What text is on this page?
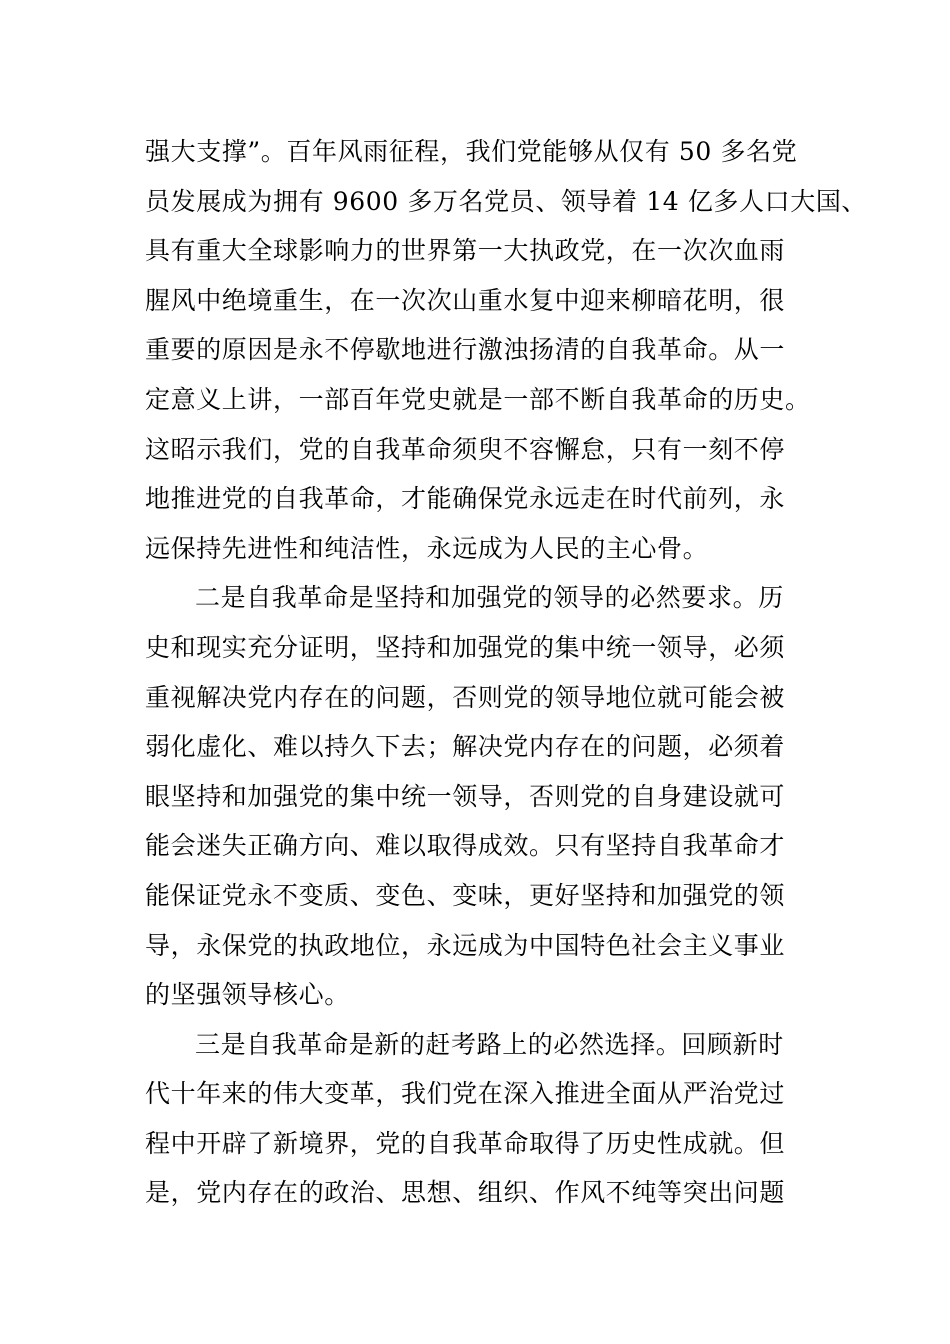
强大支撑”。百年风雨征程，我们党能够从仅有 50 多名党
员发展成为拥有 9600 多万名党员、领导着 14 亿多人口大国、
具有重大全球影响力的世界第一大执政党，在一次次血雨
腥风中绝境重生，在一次次山重水复中迎来柳暗花明，很
重要的原因是永不停歇地进行激浊扬清的自我革命。从一
定意义上讲，一部百年党史就是一部不断自我革命的历史。
这昭示我们，党的自我革命须臾不容懈怠，只有一刻不停
地推进党的自我革命，才能确保党永远走在时代前列，永
远保持先进性和纯洁性，永远成为人民的主心骨。
二是自我革命是坚持和加强党的领导的必然要求。历
史和现实充分证明，坚持和加强党的集中统一领导，必须
重视解决党内存在的问题，否则党的领导地位就可能会被
弱化虚化、难以持久下去；解决党内存在的问题，必须着
眼坚持和加强党的集中统一领导，否则党的自身建设就可
能会迷失正确方向、难以取得成效。只有坚持自我革命才
能保证党永不变质、变色、变味，更好坚持和加强党的领
导，永保党的执政地位，永远成为中国特色社会主义事业
的坚强领导核心。
三是自我革命是新的赶考路上的必然选择。回顾新时
代十年来的伟大变革，我们党在深入推进全面从严治党过
程中开辟了新境界，党的自我革命取得了历史性成就。但
是，党内存在的政治、思想、组织、作风不纯等突出问题
